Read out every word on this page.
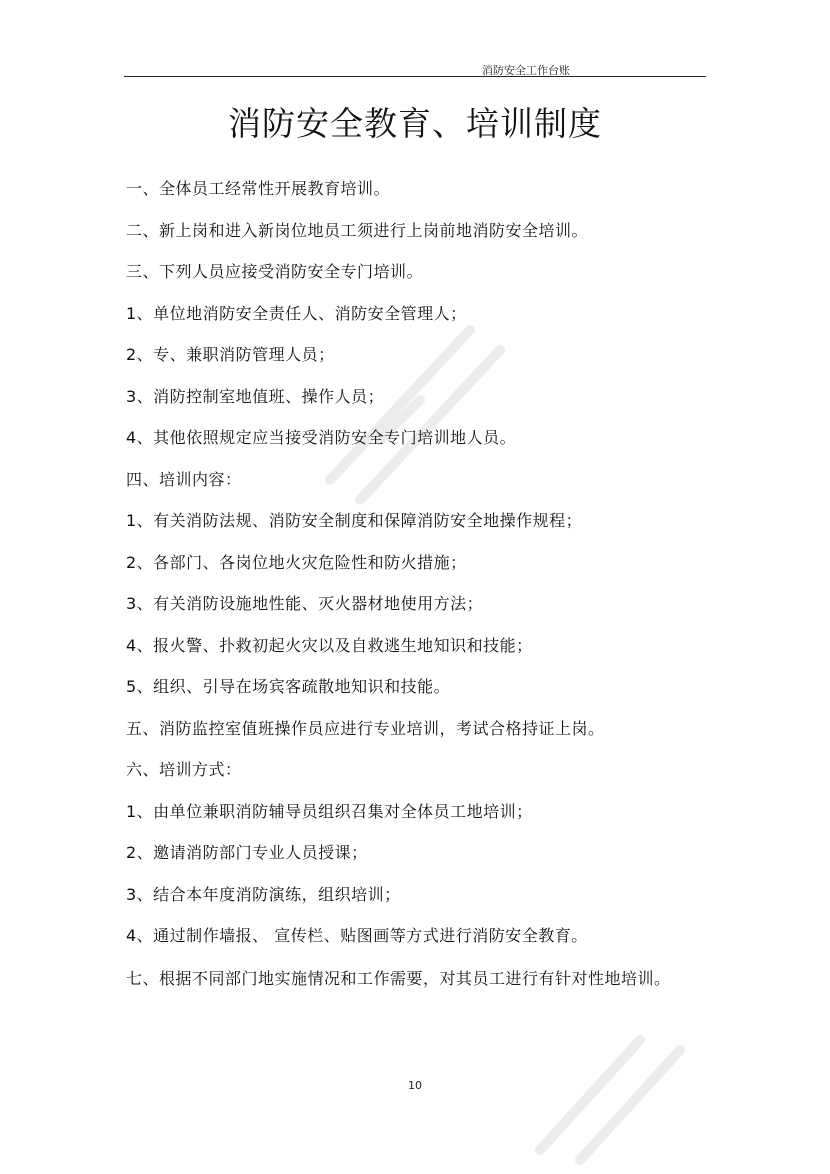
消防安全工作台账
消防安全教育、培训制度
一、全体员工经常性开展教育培训。
二、新上岗和进入新岗位地员工须进行上岗前地消防安全培训。
三、下列人员应接受消防安全专门培训。
1、单位地消防安全责任人、消防安全管理人；
2、专、兼职消防管理人员；
3、消防控制室地值班、操作人员；
4、其他依照规定应当接受消防安全专门培训地人员。
四、培训内容：
1、有关消防法规、消防安全制度和保障消防安全地操作规程；
2、各部门、各岗位地火灾危险性和防火措施；
3、有关消防设施地性能、灭火器材地使用方法；
4、报火警、扑救初起火灾以及自救逃生地知识和技能；
5、组织、引导在场宾客疏散地知识和技能。
五、消防监控室值班操作员应进行专业培训，考试合格持证上岗。
六、培训方式：
1、由单位兼职消防辅导员组织召集对全体员工地培训；
2、邀请消防部门专业人员授课；
3、结合本年度消防演练，组织培训；
4、通过制作墙报、 宣传栏、贴图画等方式进行消防安全教育。
七、根据不同部门地实施情况和工作需要，对其员工进行有针对性地培训。
10
